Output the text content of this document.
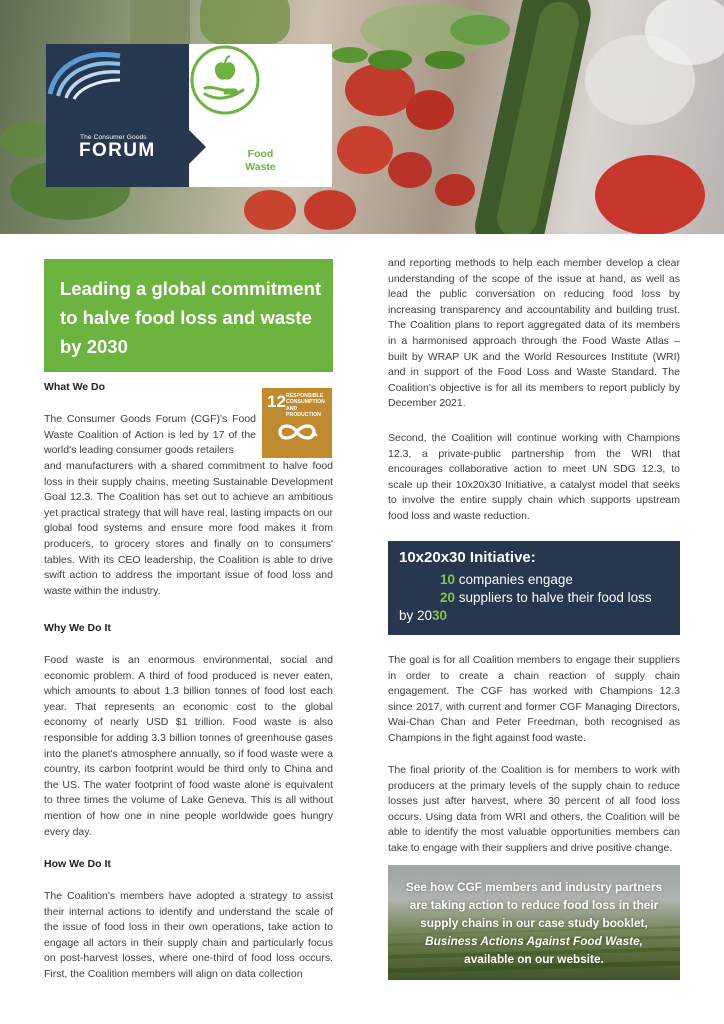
The Consumer Goods
FORUM	Food
Waste
Leading a global commitment to halve food loss and waste by 2030
What We Do
12 RESPONSIBLE CONSUMPTION AND PRODUCTION

The Consumer Goods Forum (CGF)'s Food Waste Coalition of Action is led by 17 of the world's leading consumer goods retailers

and manufacturers with a shared commitment to halve food loss in their supply chains, meeting Sustainable Development Goal 12.3. The Coalition has set out to achieve an ambitious yet practical strategy that will have real, lasting impacts on our global food systems and ensure more food makes it from producers, to grocery stores and finally on to consumers' tables. With its CEO leadership, the Coalition is able to drive swift action to address the important issue of food loss and waste within the industry.

Why We Do It

Food waste is an enormous environmental, social and economic problem. A third of food produced is never eaten, which amounts to about 1.3 billion tonnes of food lost each year. That represents an economic cost to the global economy of nearly USD $1 trillion. Food waste is also responsible for adding 3.3 billion tonnes of greenhouse gases into the planet's atmosphere annually, so if food waste were a country, its carbon footprint would be third only to China and the US. The water footprint of food waste alone is equivalent to three times the volume of Lake Geneva. This is all without mention of how one in nine people worldwide goes hungry every day.

How We Do It

The Coalition's members have adopted a strategy to assist their internal actions to identify and understand the scale of the issue of food loss in their own operations, take action to engage all actors in their supply chain and particularly focus on post-harvest losses, where one-third of food loss occurs. First, the Coalition members will align on data collection

and reporting methods to help each member develop a clear understanding of the scope of the issue at hand, as well as lead the public conversation on reducing food loss by increasing transparency and accountability and building trust. The Coalition plans to report aggregated data of its members in a harmonised approach through the Food Waste Atlas – built by WRAP UK and the World Resources Institute (WRI) and in support of the Food Loss and Waste Standard. The Coalition's objective is for all its members to report publicly by December 2021.

Second, the Coalition will continue working with Champions 12.3, a private-public partnership from the WRI that encourages collaborative action to meet UN SDG 12.3, to scale up their 10x20x30 Initiative, a catalyst model that seeks to involve the entire supply chain which supports upstream food loss and waste reduction.

10x20x30 Initiative:
10 companies engage
20 suppliers to halve their food loss
by 2030

The goal is for all Coalition members to engage their suppliers in order to create a chain reaction of supply chain engagement. The CGF has worked with Champions 12.3 since 2017, with current and former CGF Managing Directors, Wai-Chan Chan and Peter Freedman, both recognised as Champions in the fight against food waste.

The final priority of the Coalition is for members to work with producers at the primary levels of the supply chain to reduce losses just after harvest, where 30 percent of all food loss occurs. Using data from WRI and others, the Coalition will be able to identify the most valuable opportunities members can take to engage with their suppliers and drive positive change.

See how CGF members and industry partners
are taking action to reduce food loss in their
supply chains in our case study booklet,
Business Actions Against Food Waste,
available on our website.
